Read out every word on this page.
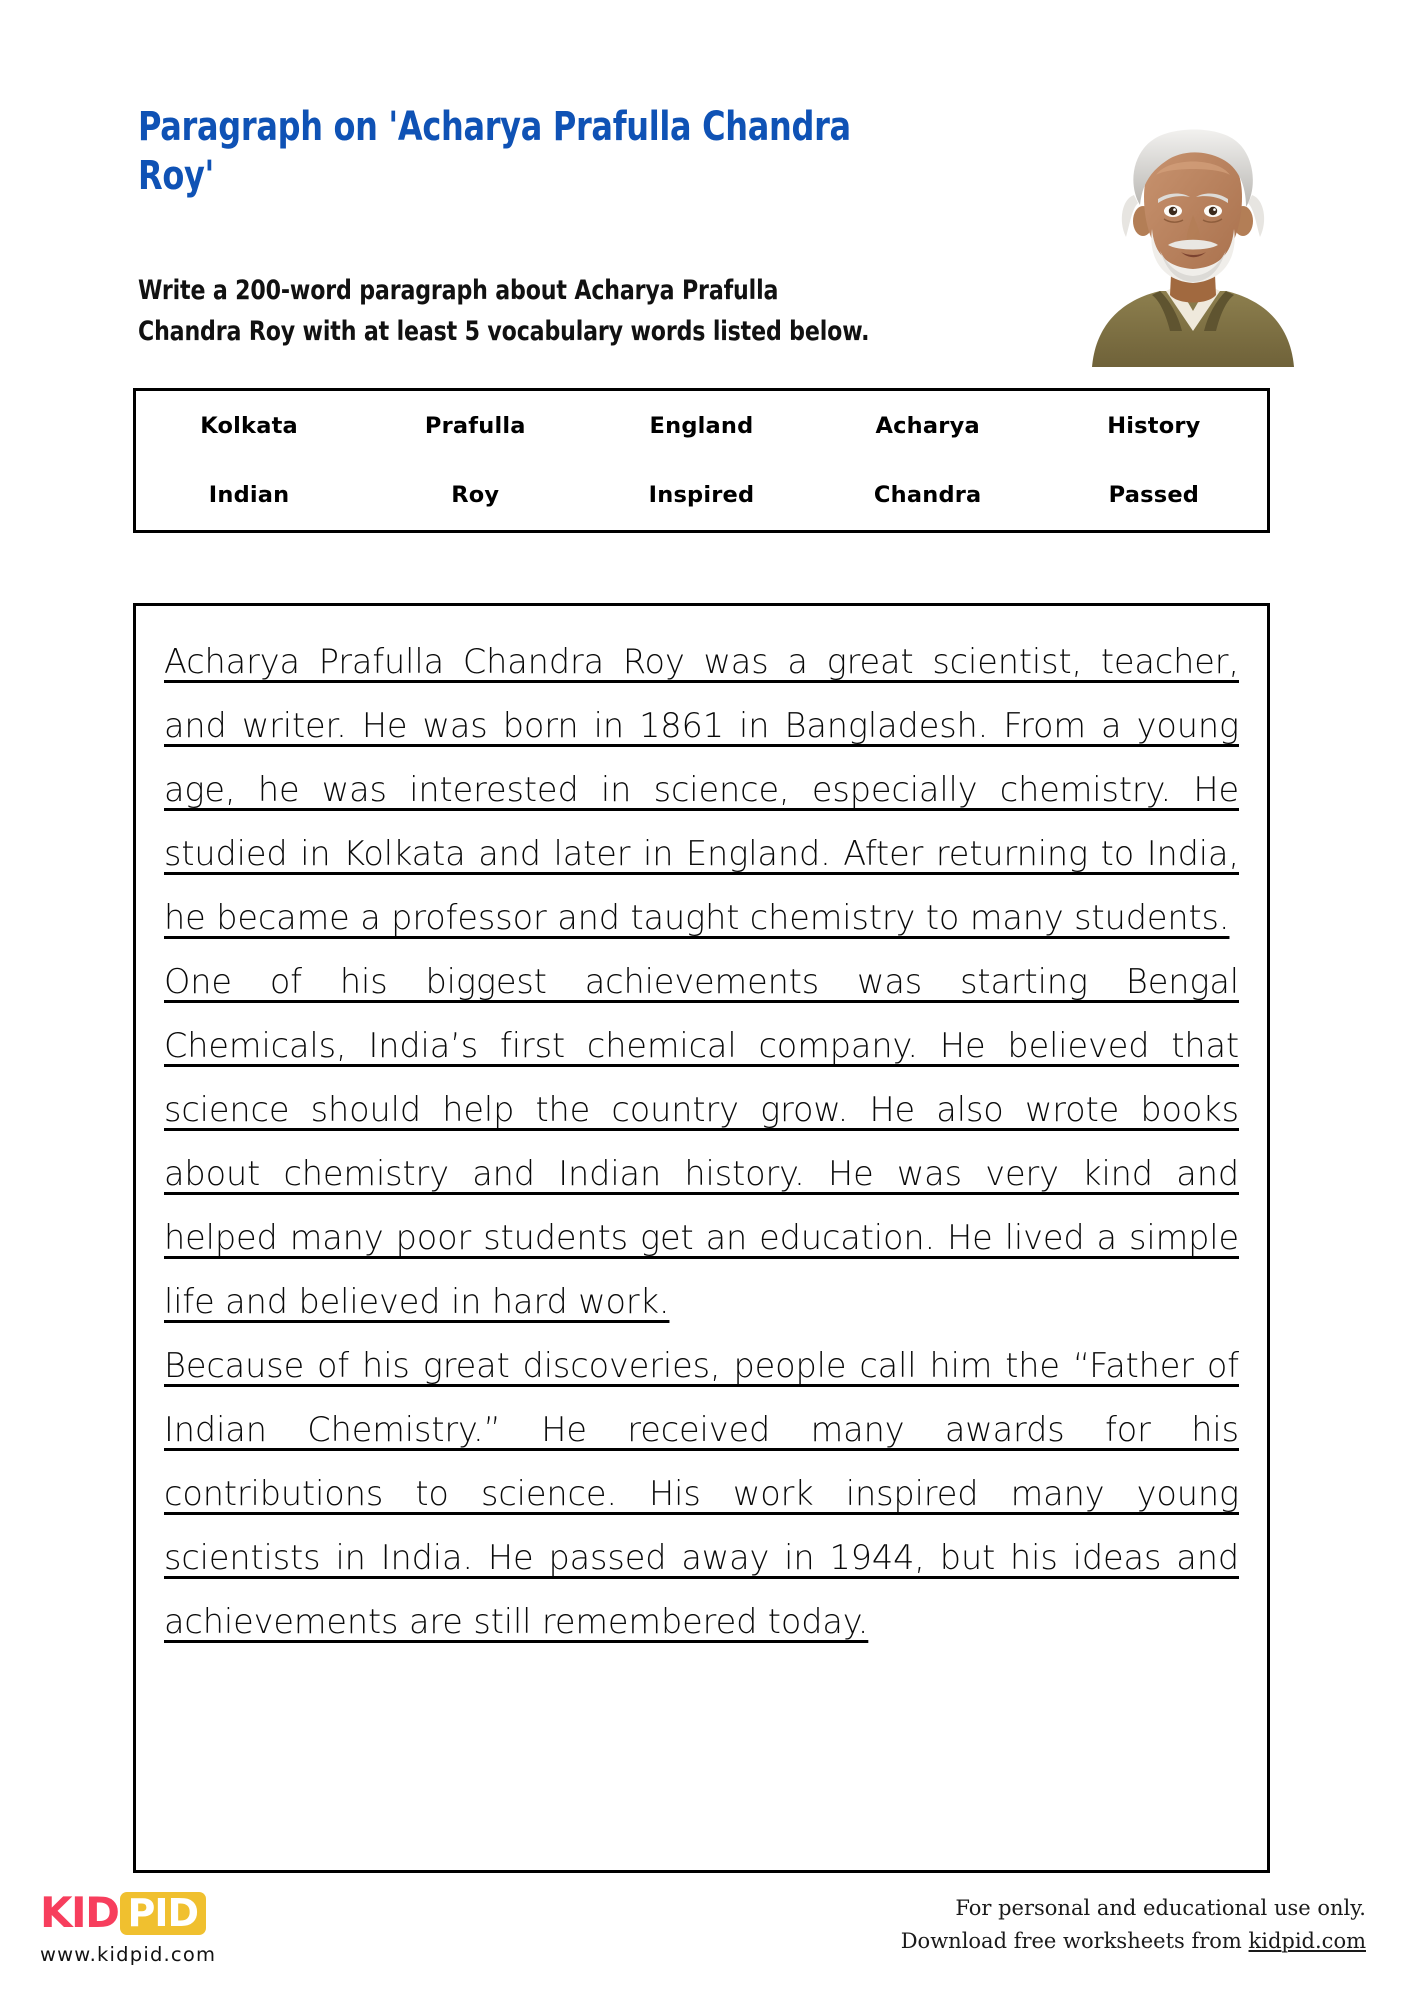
Paragraph on 'Acharya Prafulla Chandra Roy'
Write a 200-word paragraph about Acharya Prafulla Chandra Roy with at least 5 vocabulary words listed below.
Kolkata	Prafulla	England	Acharya	History
Indian	Roy	Inspired	Chandra	Passed

Acharya Prafulla Chandra Roy was a great scientist, teacher, and writer. He was born in 1861 in Bangladesh. From a young age, he was interested in science, especially chemistry. He studied in Kolkata and later in England. After returning to India, he became a professor and taught chemistry to many students.

One of his biggest achievements was starting Bengal Chemicals, India’s first chemical company. He believed that science should help the country grow. He also wrote books about chemistry and Indian history. He was very kind and helped many poor students get an education. He lived a simple life and believed in hard work.

Because of his great discoveries, people call him the “Father of Indian Chemistry.” He received many awards for his contributions to science. His work inspired many young scientists in India. He passed away in 1944, but his ideas and achievements are still remembered today.

KID PID
www.kidpid.com
For personal and educational use only.
Download free worksheets from kidpid.com
